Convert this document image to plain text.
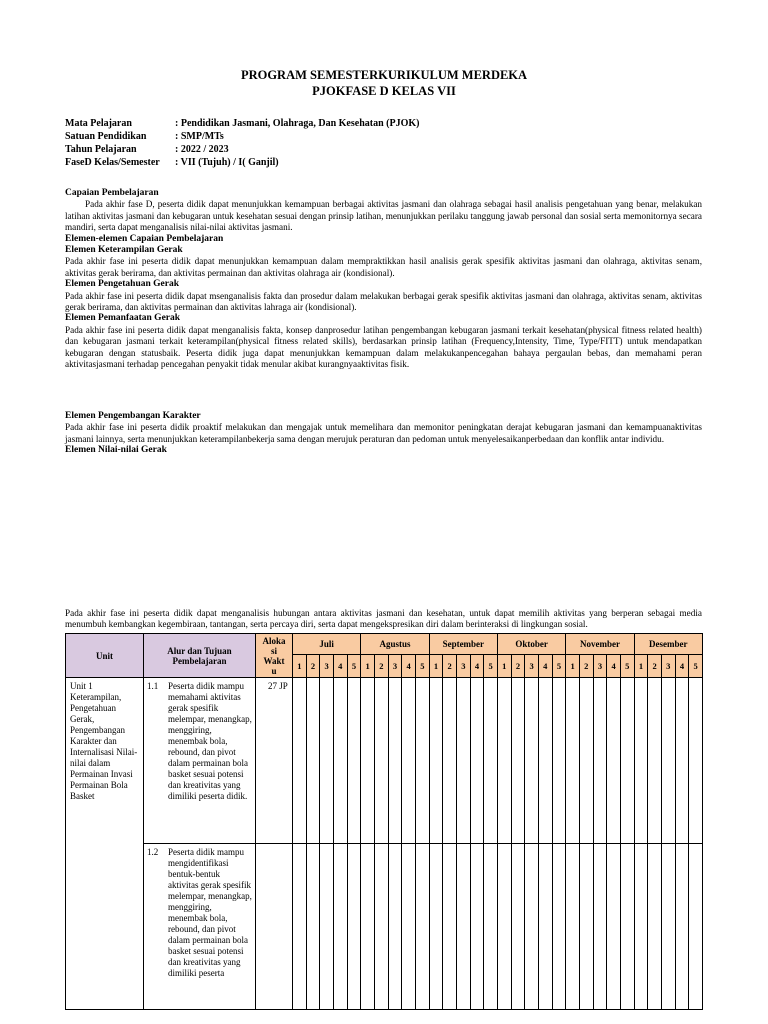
PROGRAM SEMESTERKURIKULUM MERDEKA
PJOKFASE D KELAS VII
Mata Pelajaran	: Pendidikan Jasmani, Olahraga, Dan Kesehatan (PJOK)
Satuan Pendidikan	: SMP/MTs
Tahun Pelajaran	: 2022 / 2023
FaseD Kelas/Semester	: VII (Tujuh) / I( Ganjil)
Capaian Pembelajaran
Pada akhir fase D, peserta didik dapat menunjukkan kemampuan berbagai aktivitas jasmani dan olahraga sebagai hasil analisis pengetahuan yang benar, melakukan latihan aktivitas jasmani dan kebugaran untuk kesehatan sesuai dengan prinsip latihan, menunjukkan perilaku tanggung jawab personal dan sosial serta memonitornya secara mandiri, serta dapat menganalisis nilai-nilai aktivitas jasmani.
Elemen-elemen Capaian Pembelajaran
Elemen Keterampilan Gerak
Pada akhir fase ini peserta didik dapat menunjukkan kemampuan dalam mempraktikkan hasil analisis gerak spesifik aktivitas jasmani dan olahraga, aktivitas senam, aktivitas gerak berirama, dan aktivitas permainan dan aktivitas olahraga air (kondisional).
Elemen Pengetahuan Gerak
Pada akhir fase ini peserta didik dapat msenganalisis fakta dan prosedur dalam melakukan berbagai gerak spesifik aktivitas jasmani dan olahraga, aktivitas senam, aktivitas gerak berirama, dan aktivitas permainan dan aktivitas lahraga air (kondisional).
Elemen Pemanfaatan Gerak
Pada akhir fase ini peserta didik dapat menganalisis fakta, konsep danprosedur latihan pengembangan kebugaran jasmani terkait kesehatan(physical fitness related health) dan kebugaran jasmani terkait keterampilan(physical fitness related skills), berdasarkan prinsip latihan (Frequency,Intensity, Time, Type/FITT) untuk mendapatkan kebugaran dengan statusbaik. Peserta didik juga dapat menunjukkan kemampuan dalam melakukanpencegahan bahaya pergaulan bebas, dan memahami peran aktivitasjasmani terhadap pencegahan penyakit tidak menular akibat kurangnyaaktivitas fisik.
Elemen Pengembangan Karakter
Pada akhir fase ini peserta didik proaktif melakukan dan mengajak untuk memelihara dan memonitor peningkatan derajat kebugaran jasmani dan kemampuanaktivitas jasmani lainnya, serta menunjukkan keterampilanbekerja sama dengan merujuk peraturan dan pedoman untuk menyelesaikanperbedaan dan konflik antar individu.
Elemen Nilai-nilai Gerak
Pada akhir fase ini peserta didik dapat menganalisis hubungan antara aktivitas jasmani dan kesehatan, untuk dapat memilih aktivitas yang berperan sebagai media menumbuh kembangkan kegembiraan, tantangan, serta percaya diri, serta dapat mengekspresikan diri dalam berinteraksi di lingkungan sosial.
Unit	Alur dan Tujuan Pembelajaran	Aloka
si
Wakt
u	Juli					Agustus					September					Oktober					November					Desember				
			1	2	3	4	5	1	2	3	4	5	1	2	3	4	5	1	2	3	4	5	1	2	3	4	5	1	2	3	4	5

Unit 1 Keterampilan, Pengetahuan Gerak, Pengembangan Karakter dan Internalisasi Nilai-nilai dalam Permainan Invasi Permainan Bola Basket	1.1 Peserta didik mampu memahami aktivitas gerak spesifik melempar, menangkap, menggiring, menembak bola, rebound, dan pivot dalam permainan bola basket sesuai potensi dan kreativitas yang dimiliki peserta didik.	27 JP																														

	1.2 Peserta didik mampu mengidentifikasi bentuk-bentuk aktivitas gerak spesifik melempar, menangkap, menggiring, menembak bola, rebound, dan pivot dalam permainan bola basket sesuai potensi dan kreativitas yang dimiliki peserta																															
